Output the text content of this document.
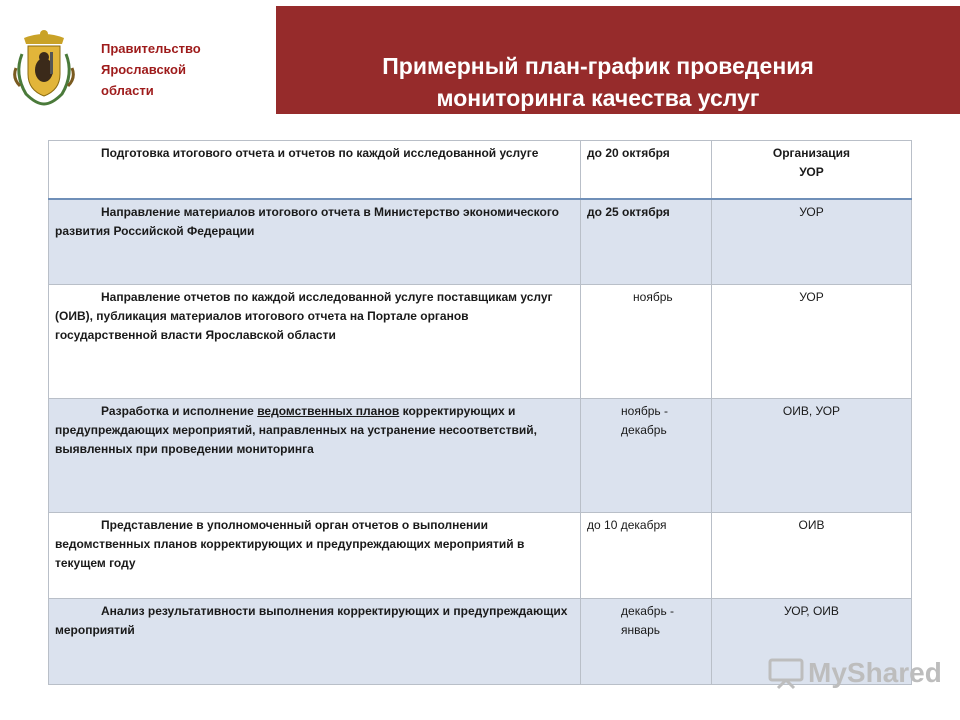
Правительство
Ярославской
области

Примерный план-график проведения
мониторинга качества услуг

Подготовка итогового отчета и отчетов по каждой исследованной услуге	до 20 октября	Организация
УОР
Направление материалов итогового отчета в Министерство экономического развития Российской Федерации	до 25 октября	УОР
Направление отчетов по каждой исследованной услуге поставщикам услуг (ОИВ), публикация материалов итогового отчета на Портале органов государственной власти Ярославской области	ноябрь	УОР
Разработка и исполнение ведомственных планов корректирующих и предупреждающих мероприятий, направленных на устранение несоответствий, выявленных при проведении мониторинга	ноябрь -
декабрь	ОИВ, УОР
Представление в уполномоченный орган отчетов о выполнении ведомственных планов корректирующих и предупреждающих мероприятий в текущем году	до 10 декабря	ОИВ
Анализ результативности выполнения корректирующих и предупреждающих мероприятий	декабрь -
январь	УОР, ОИВ
MyShared
